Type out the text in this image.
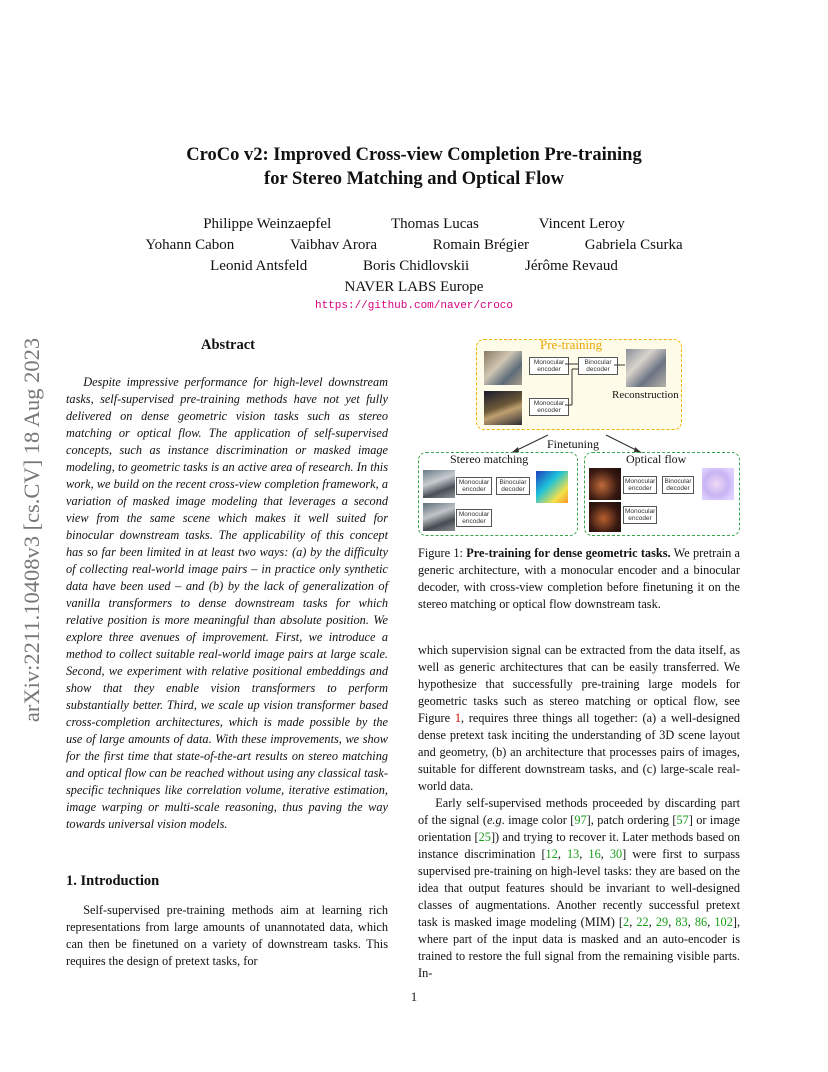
arXiv:2211.10408v3 [cs.CV] 18 Aug 2023
CroCo v2: Improved Cross-view Completion Pre-training
for Stereo Matching and Optical Flow
Philippe Weinzaepfel	Thomas Lucas	Vincent Leroy
Yohann Cabon	Vaibhav Arora	Romain Brégier	Gabriela Csurka
Leonid Antsfeld	Boris Chidlovskii	Jérôme Revaud
NAVER LABS Europe
https://github.com/naver/croco
Abstract

Despite impressive performance for high-level downstream tasks, self-supervised pre-training methods have not yet fully delivered on dense geometric vision tasks such as stereo matching or optical flow. The application of self-supervised concepts, such as instance discrimination or masked image modeling, to geometric tasks is an active area of research. In this work, we build on the recent cross-view completion framework, a variation of masked image modeling that leverages a second view from the same scene which makes it well suited for binocular downstream tasks. The applicability of this concept has so far been limited in at least two ways: (a) by the difficulty of collecting real-world image pairs – in practice only synthetic data have been used – and (b) by the lack of generalization of vanilla transformers to dense downstream tasks for which relative position is more meaningful than absolute position. We explore three avenues of improvement. First, we introduce a method to collect suitable real-world image pairs at large scale. Second, we experiment with relative positional embeddings and show that they enable vision transformers to perform substantially better. Third, we scale up vision transformer based cross-completion architectures, which is made possible by the use of large amounts of data. With these improvements, we show for the first time that state-of-the-art results on stereo matching and optical flow can be reached without using any classical task-specific techniques like correlation volume, iterative estimation, image warping or multi-scale reasoning, thus paving the way towards universal vision models.

1. Introduction

Self-supervised pre-training methods aim at learning rich representations from large amounts of unannotated data, which can then be finetuned on a variety of downstream tasks. This requires the design of pretext tasks, for

Pre-training
Monocular encoder
Monocular encoder
Binocular decoder
Reconstruction
Finetuning
Stereo matching
Monocular encoder
Monocular encoder
Binocular decoder
Optical flow
Monocular encoder
Monocular encoder
Binocular decoder
Figure 1: Pre-training for dense geometric tasks. We pretrain a generic architecture, with a monocular encoder and a binocular decoder, with cross-view completion before finetuning it on the stereo matching or optical flow downstream task.

which supervision signal can be extracted from the data itself, as well as generic architectures that can be easily transferred. We hypothesize that successfully pre-training large models for geometric tasks such as stereo matching or optical flow, see Figure 1, requires three things all together: (a) a well-designed dense pretext task inciting the understanding of 3D scene layout and geometry, (b) an architecture that processes pairs of images, suitable for different downstream tasks, and (c) large-scale real-world data.

Early self-supervised methods proceeded by discarding part of the signal (e.g. image color [97], patch ordering [57] or image orientation [25]) and trying to recover it. Later methods based on instance discrimination [12, 13, 16, 30] were first to surpass supervised pre-training on high-level tasks: they are based on the idea that output features should be invariant to well-designed classes of augmentations. Another recently successful pretext task is masked image modeling (MIM) [2, 22, 29, 83, 86, 102], where part of the input data is masked and an auto-encoder is trained to restore the full signal from the remaining visible parts. In-

1
